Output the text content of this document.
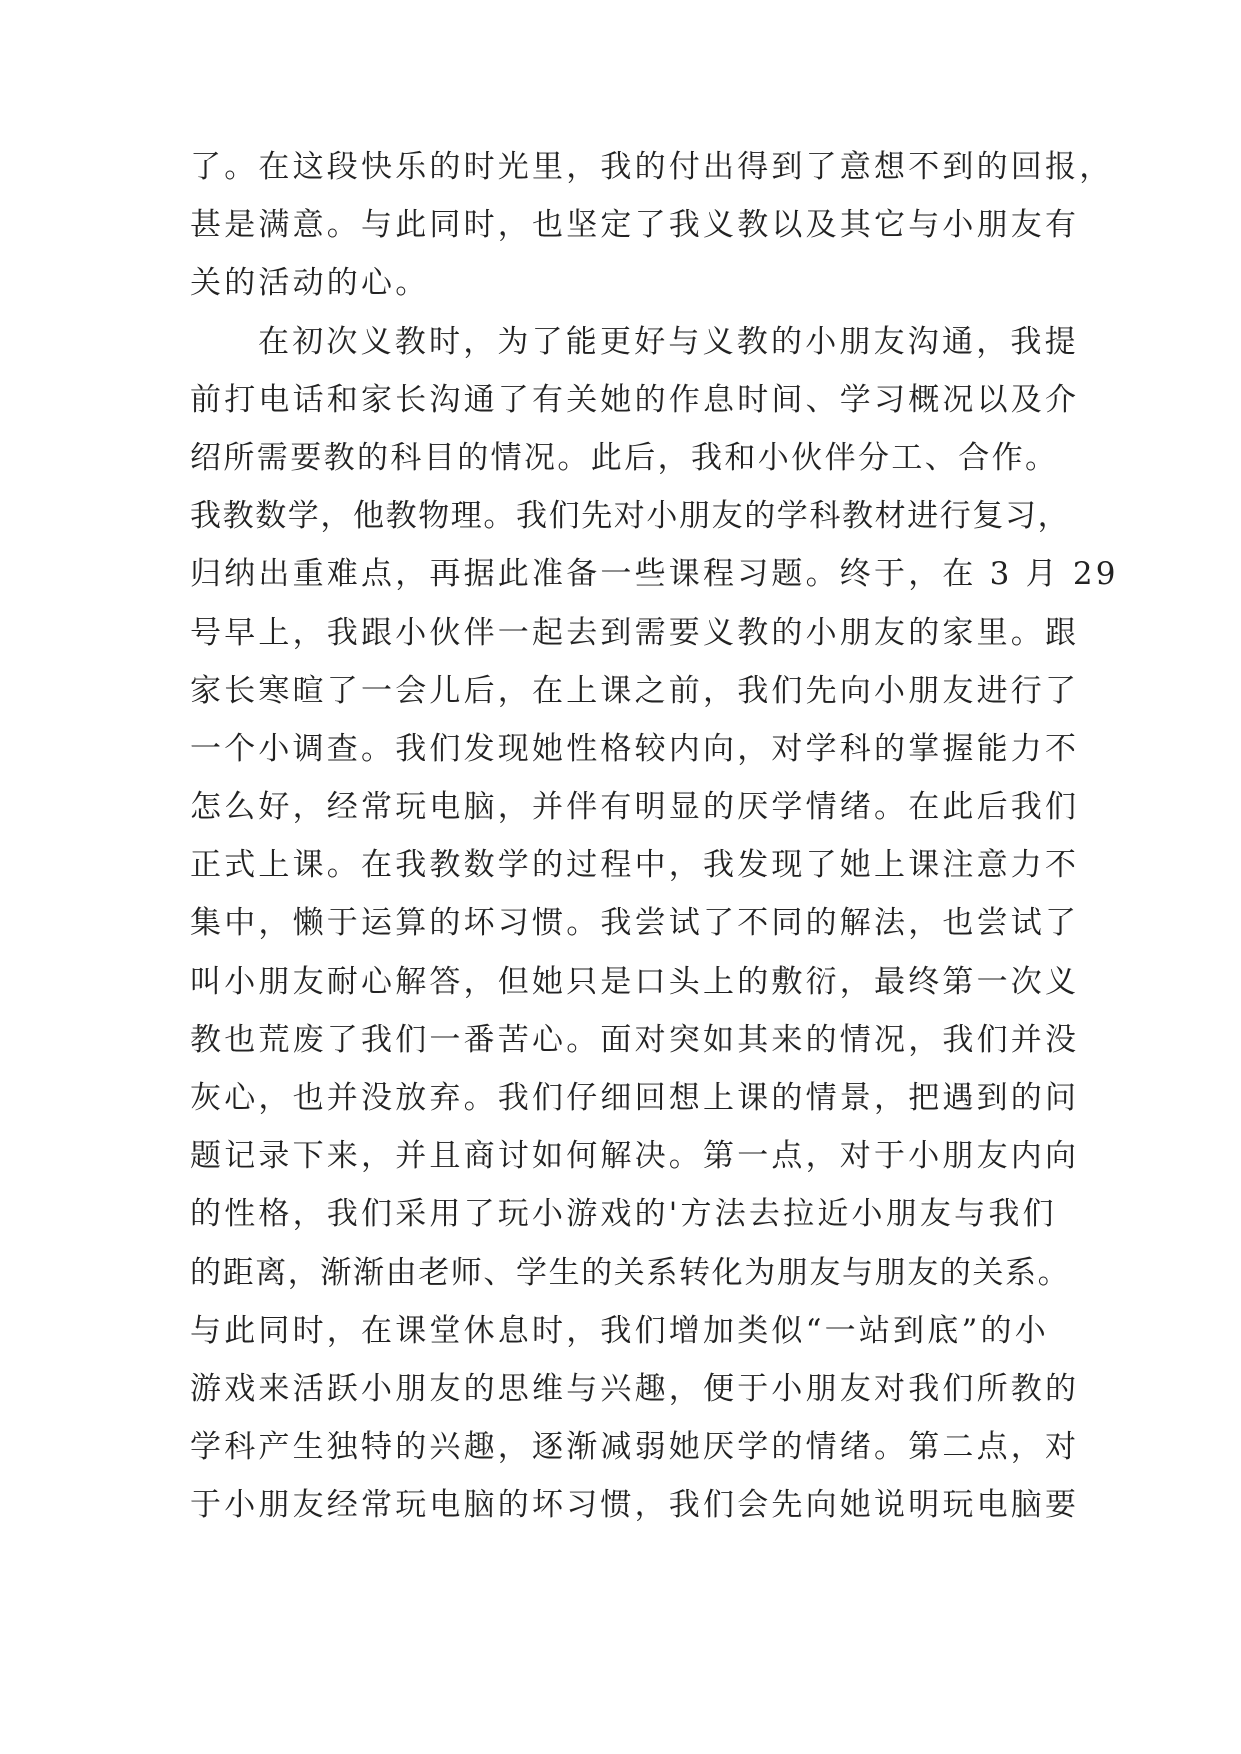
了。在这段快乐的时光里，我的付出得到了意想不到的回报，
甚是满意。与此同时，也坚定了我义教以及其它与小朋友有
关的活动的心。
在初次义教时，为了能更好与义教的小朋友沟通，我提
前打电话和家长沟通了有关她的作息时间、学习概况以及介
绍所需要教的科目的情况。此后，我和小伙伴分工、合作。
我教数学，他教物理。我们先对小朋友的学科教材进行复习，
归纳出重难点，再据此准备一些课程习题。终于，在 3 月 29
号早上，我跟小伙伴一起去到需要义教的小朋友的家里。跟
家长寒暄了一会儿后，在上课之前，我们先向小朋友进行了
一个小调查。我们发现她性格较内向，对学科的掌握能力不
怎么好，经常玩电脑，并伴有明显的厌学情绪。在此后我们
正式上课。在我教数学的过程中，我发现了她上课注意力不
集中，懒于运算的坏习惯。我尝试了不同的解法，也尝试了
叫小朋友耐心解答，但她只是口头上的敷衍，最终第一次义
教也荒废了我们一番苦心。面对突如其来的情况，我们并没
灰心，也并没放弃。我们仔细回想上课的情景，把遇到的问
题记录下来，并且商讨如何解决。第一点，对于小朋友内向
的性格，我们采用了玩小游戏的'方法去拉近小朋友与我们
的距离，渐渐由老师、学生的关系转化为朋友与朋友的关系。
与此同时，在课堂休息时，我们增加类似“一站到底”的小
游戏来活跃小朋友的思维与兴趣，便于小朋友对我们所教的
学科产生独特的兴趣，逐渐减弱她厌学的情绪。第二点，对
于小朋友经常玩电脑的坏习惯，我们会先向她说明玩电脑要
